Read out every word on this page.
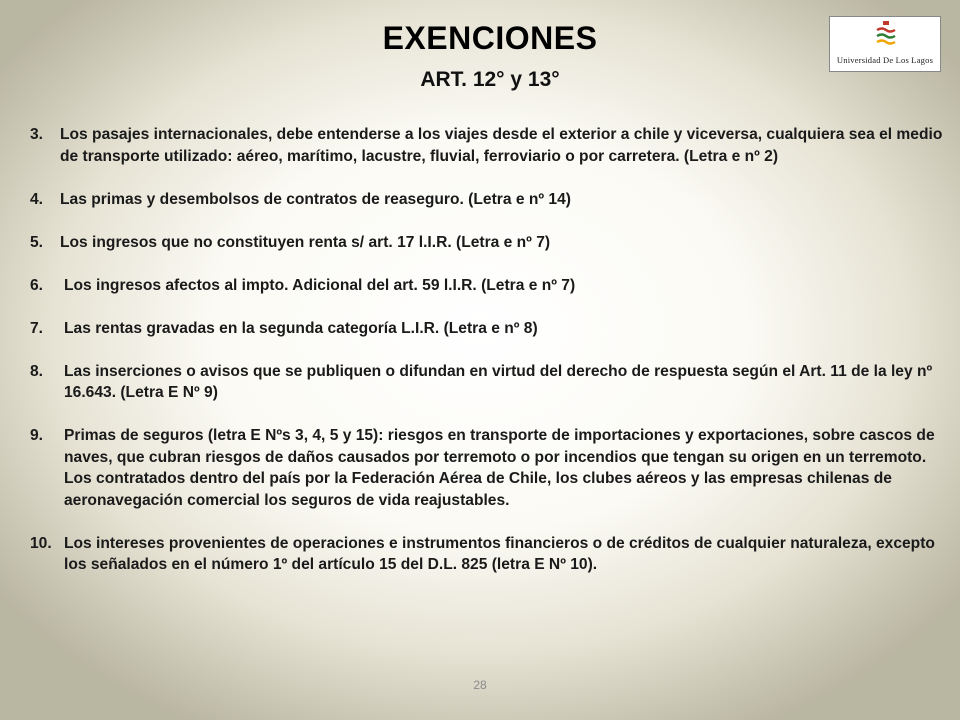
EXENCIONES
ART. 12° y 13°
Universidad De Los Lagos
3.	Los pasajes internacionales, debe entenderse a los viajes desde el exterior a chile y viceversa, cualquiera sea el medio de transporte utilizado: aéreo, marítimo, lacustre, fluvial, ferroviario o por carretera. (Letra e nº 2)
4.	Las primas y desembolsos de contratos de reaseguro. (Letra e nº 14)
5.	Los ingresos que no constituyen renta s/ art. 17 l.I.R. (Letra e nº 7)
6.	Los ingresos afectos al impto. Adicional del art. 59 l.I.R. (Letra e nº 7)
7.	Las rentas gravadas en la segunda categoría L.I.R. (Letra e nº 8)
8.	Las inserciones o avisos que se publiquen o difundan en virtud del derecho de respuesta según el Art. 11 de la ley nº 16.643. (Letra E Nº 9)
9.	Primas de seguros (letra E Nºs 3, 4, 5 y 15): riesgos en transporte de importaciones y exportaciones, sobre cascos de naves, que cubran riesgos de daños causados por terremoto o por incendios que tengan su origen en un terremoto. Los contratados dentro del país por la Federación Aérea de Chile, los clubes aéreos y las empresas chilenas de aeronavegación comercial los seguros de vida reajustables.
10. Los intereses provenientes de operaciones e instrumentos financieros o de créditos de cualquier naturaleza, excepto los señalados en el número 1º del artículo 15 del D.L. 825 (letra E Nº 10).
28
